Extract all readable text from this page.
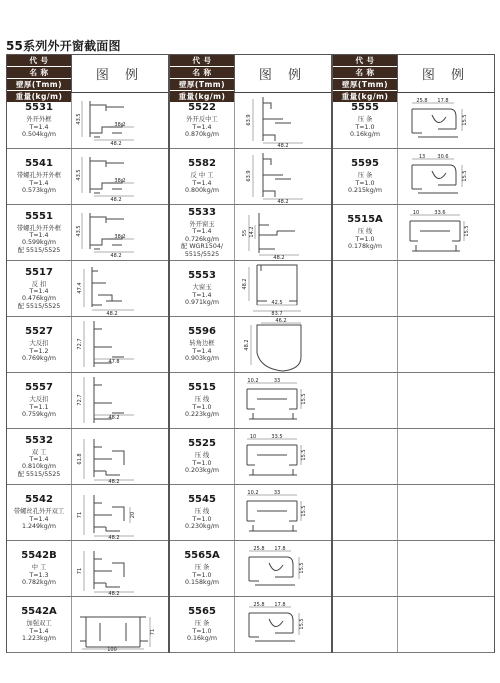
55系列外开窗截面图
代 号
名 称
壁厚(Tmm)
重量(kg/m)
图 例
5531
外开外框
T=1.4
0.504kg/m
43.5
38.2
48.2
5541
带螺孔外开外框
T=1.4
0.573kg/m
43.5
38.2
48.2
5551
带螺孔外开外框
T=1.4
0.599kg/m
配 5515/5525
43.5
38.2
48.2
5517
反 扣
T=1.4
0.476kg/m
配 5515/5525
47.4
48.2
5527
大反扣
T=1.2
0.769kg/m
72.7
47.8
5557
大反扣
T=1.1
0.759kg/m
72.7
48.2
5532
双 工
T=1.4
0.810kg/m
配 5515/5525
61.8
48.2
5542
带螺丝孔外开双工
T=1.4
1.249kg/m
71	20
48.2
5542B
中 工
T=1.3
0.782kg/m
71
48.2
5542A
加强双工
T=1.4
1.223kg/m
71
100
代 号
名 称
壁厚(Tmm)
重量(kg/m)
图 例
5522
外开反中工
T=1.4
0.870kg/m
63.9
48.2
5582
反 中 工
T=1.4
0.800kg/m
63.9
48.2
5533
外开窗玉
T=1.4
0.726kg/m
配 WGR1504/
5515/5525
55 14.2
48.2
5553
大窗玉
T=1.4
0.971kg/m
48.2
42.5
83.7
5596
转角边框
T=1.4
0.903kg/m
46.2
48.2
5515
压 线
T=1.0
0.223kg/m
10.2	33
15.5
5525
压 线
T=1.0
0.203kg/m
10	33.5
15.5
5545
压 线
T=1.0
0.230kg/m
10.2	33
15.5
5565A
压 条
T=1.0
0.158kg/m
25.8 17.8
15.5
5565
压 条
T=1.0
0.16kg/m
25.8 17.8
15.5
代 号
名 称
壁厚(Tmm)
重量(kg/m)
图 例
5555
压 条
T=1.0
0.16kg/m
25.8 17.8
15.5
5595
压 条
T=1.0
0.215kg/m
13 30.6
15.5
5515A
压 线
T=1.0
0.178kg/m
10	33.6
15.5
